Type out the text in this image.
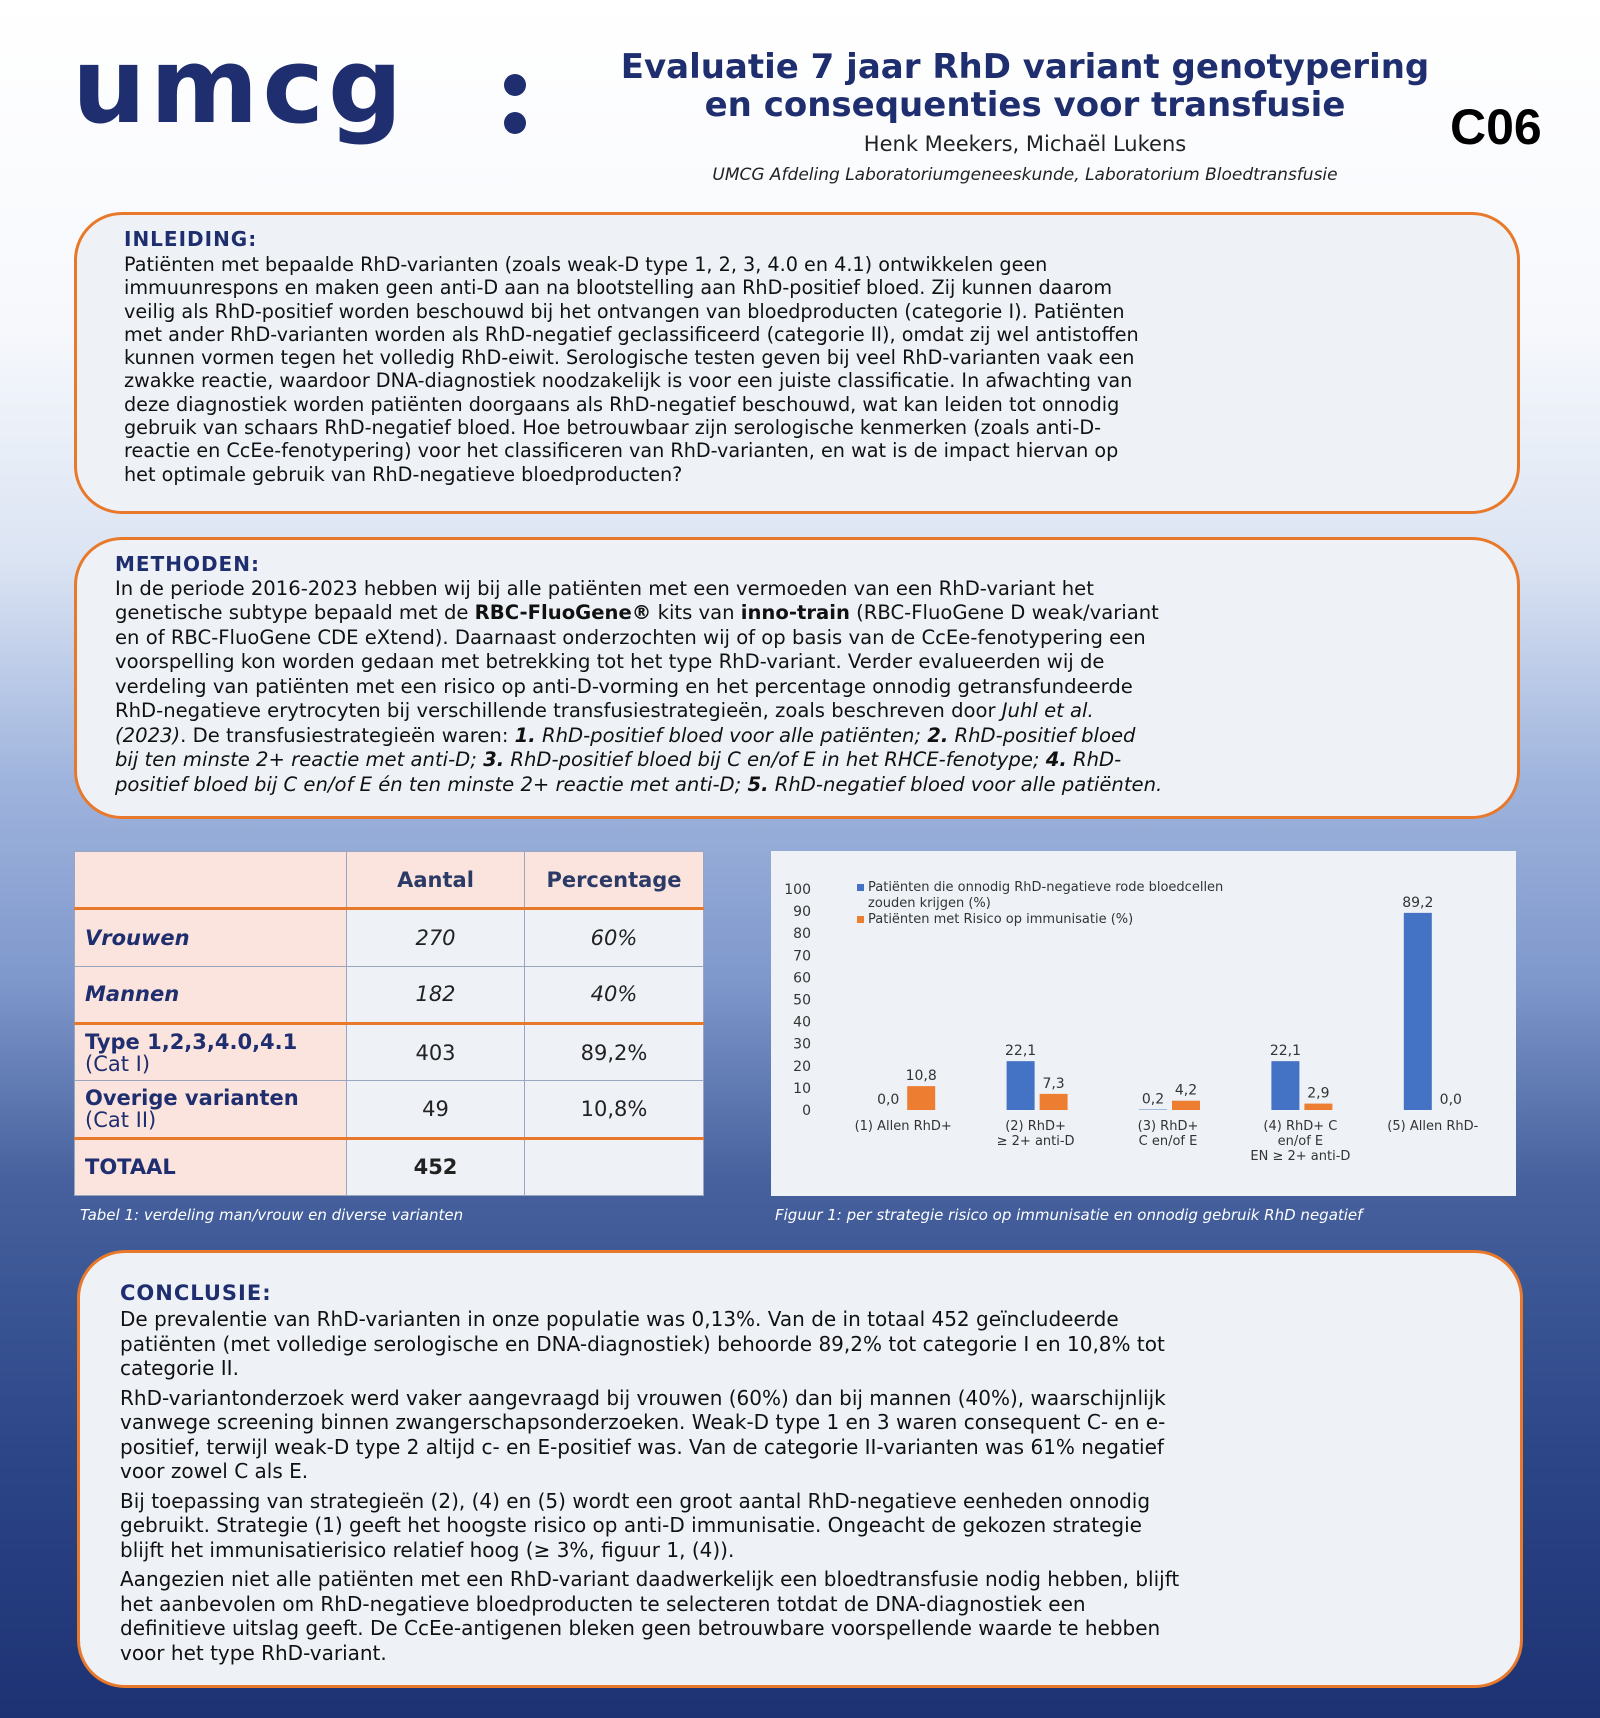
umcg	Evaluatie 7 jaar RhD variant genotypering
en consequenties voor transfusie	C06
Henk Meekers, Michaël Lukens
UMCG Afdeling Laboratoriumgeneeskunde, Laboratorium Bloedtransfusie
INLEIDING:
Patiënten met bepaalde RhD-varianten (zoals weak-D type 1, 2, 3, 4.0 en 4.1) ontwikkelen geen
immuunrespons en maken geen anti-D aan na blootstelling aan RhD-positief bloed. Zij kunnen daarom
veilig als RhD-positief worden beschouwd bij het ontvangen van bloedproducten (categorie I). Patiënten
met ander RhD-varianten worden als RhD-negatief geclassificeerd (categorie II), omdat zij wel antistoffen
kunnen vormen tegen het volledig RhD-eiwit. Serologische testen geven bij veel RhD-varianten vaak een
zwakke reactie, waardoor DNA-diagnostiek noodzakelijk is voor een juiste classificatie. In afwachting van
deze diagnostiek worden patiënten doorgaans als RhD-negatief beschouwd, wat kan leiden tot onnodig
gebruik van schaars RhD-negatief bloed. Hoe betrouwbaar zijn serologische kenmerken (zoals anti-D-
reactie en CcEe-fenotypering) voor het classificeren van RhD-varianten, en wat is de impact hiervan op
het optimale gebruik van RhD-negatieve bloedproducten?
METHODEN:
In de periode 2016-2023 hebben wij bij alle patiënten met een vermoeden van een RhD-variant het
genetische subtype bepaald met de RBC-FluoGene® kits van inno-train (RBC-FluoGene D weak/variant
en of RBC-FluoGene CDE eXtend). Daarnaast onderzochten wij of op basis van de CcEe-fenotypering een
voorspelling kon worden gedaan met betrekking tot het type RhD-variant. Verder evalueerden wij de
verdeling van patiënten met een risico op anti-D-vorming en het percentage onnodig getransfundeerde
RhD-negatieve erytrocyten bij verschillende transfusiestrategieën, zoals beschreven door Juhl et al.
(2023). De transfusiestrategieën waren: 1. RhD-positief bloed voor alle patiënten; 2. RhD-positief bloed
bij ten minste 2+ reactie met anti-D; 3. RhD-positief bloed bij C en/of E in het RHCE-fenotype; 4. RhD-
positief bloed bij C en/of E én ten minste 2+ reactie met anti-D; 5. RhD-negatief bloed voor alle patiënten.
	Aantal	Percentage
Vrouwen	270	60%
Mannen	182	40%

Type 1,2,3,4.0,4.1
(Cat I)	403	89,2%

Overige varianten
(Cat II)	49	10,8%
TOTAAL	452	
Tabel 1: verdeling man/vrouw en diverse varianten
0
10
20
30
40
50
60
70
80
90
100	Patiënten die onnodig RhD-negatieve rode bloedcellen
zouden krijgen (%)
Patiënten met Risico op immunisatie (%)
0,0
10,8
(1) Allen RhD+
22,1
7,3
(2) RhD+
≥ 2+ anti-D
0,2
4,2
(3) RhD+
C en/of E
22,1
2,9
(4) RhD+ C
en/of E
EN ≥ 2+ anti-D
89,2
0,0
(5) Allen RhD-
Figuur 1: per strategie risico op immunisatie en onnodig gebruik RhD negatief
CONCLUSIE:
De prevalentie van RhD-varianten in onze populatie was 0,13%. Van de in totaal 452 geïncludeerde
patiënten (met volledige serologische en DNA-diagnostiek) behoorde 89,2% tot categorie I en 10,8% tot
categorie II.
RhD-variantonderzoek werd vaker aangevraagd bij vrouwen (60%) dan bij mannen (40%), waarschijnlijk
vanwege screening binnen zwangerschapsonderzoeken. Weak-D type 1 en 3 waren consequent C- en e-
positief, terwijl weak-D type 2 altijd c- en E-positief was. Van de categorie II-varianten was 61% negatief
voor zowel C als E.
Bij toepassing van strategieën (2), (4) en (5) wordt een groot aantal RhD-negatieve eenheden onnodig
gebruikt. Strategie (1) geeft het hoogste risico op anti-D immunisatie. Ongeacht de gekozen strategie
blijft het immunisatierisico relatief hoog (≥ 3%, figuur 1, (4)).
Aangezien niet alle patiënten met een RhD-variant daadwerkelijk een bloedtransfusie nodig hebben, blijft
het aanbevolen om RhD-negatieve bloedproducten te selecteren totdat de DNA-diagnostiek een
definitieve uitslag geeft. De CcEe-antigenen bleken geen betrouwbare voorspellende waarde te hebben
voor het type RhD-variant.
